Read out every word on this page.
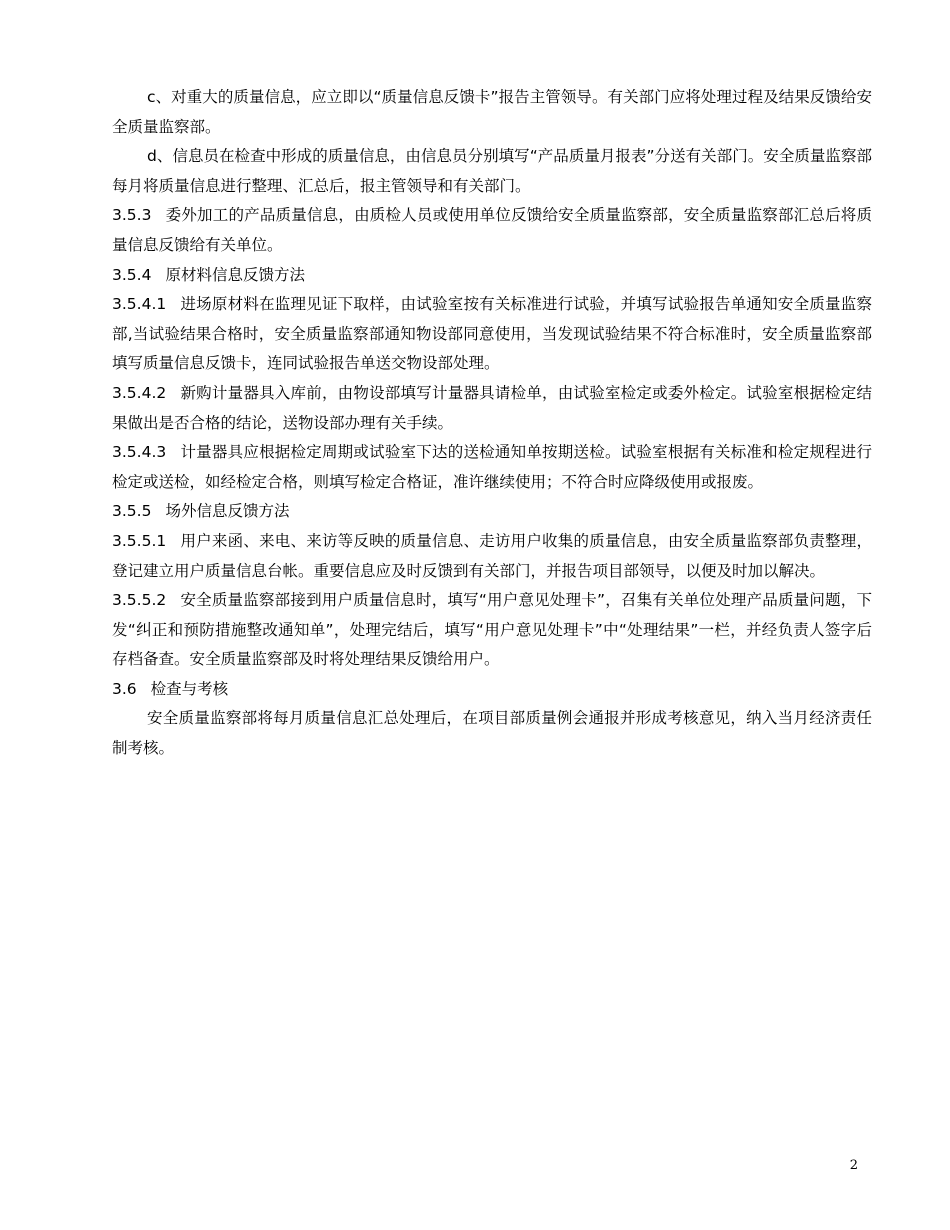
c、对重大的质量信息，应立即以“质量信息反馈卡”报告主管领导。有关部门应将处理过程及结果反馈给安全质量监察部。

d、信息员在检查中形成的质量信息，由信息员分别填写“产品质量月报表”分送有关部门。安全质量监察部每月将质量信息进行整理、汇总后，报主管领导和有关部门。

3.5.3 委外加工的产品质量信息，由质检人员或使用单位反馈给安全质量监察部，安全质量监察部汇总后将质量信息反馈给有关单位。

3.5.4 原材料信息反馈方法

3.5.4.1 进场原材料在监理见证下取样，由试验室按有关标准进行试验，并填写试验报告单通知安全质量监察部,当试验结果合格时，安全质量监察部通知物设部同意使用，当发现试验结果不符合标准时，安全质量监察部填写质量信息反馈卡，连同试验报告单送交物设部处理。

3.5.4.2 新购计量器具入库前，由物设部填写计量器具请检单，由试验室检定或委外检定。试验室根据检定结果做出是否合格的结论，送物设部办理有关手续。

3.5.4.3 计量器具应根据检定周期或试验室下达的送检通知单按期送检。试验室根据有关标准和检定规程进行检定或送检，如经检定合格，则填写检定合格证，准许继续使用；不符合时应降级使用或报废。

3.5.5 场外信息反馈方法

3.5.5.1 用户来函、来电、来访等反映的质量信息、走访用户收集的质量信息，由安全质量监察部负责整理，登记建立用户质量信息台帐。重要信息应及时反馈到有关部门，并报告项目部领导，以便及时加以解决。

3.5.5.2 安全质量监察部接到用户质量信息时，填写“用户意见处理卡”，召集有关单位处理产品质量问题，下发“纠正和预防措施整改通知单”，处理完结后，填写“用户意见处理卡”中“处理结果”一栏，并经负责人签字后存档备查。安全质量监察部及时将处理结果反馈给用户。

3.6 检查与考核

安全质量监察部将每月质量信息汇总处理后，在项目部质量例会通报并形成考核意见，纳入当月经济责任制考核。

2
